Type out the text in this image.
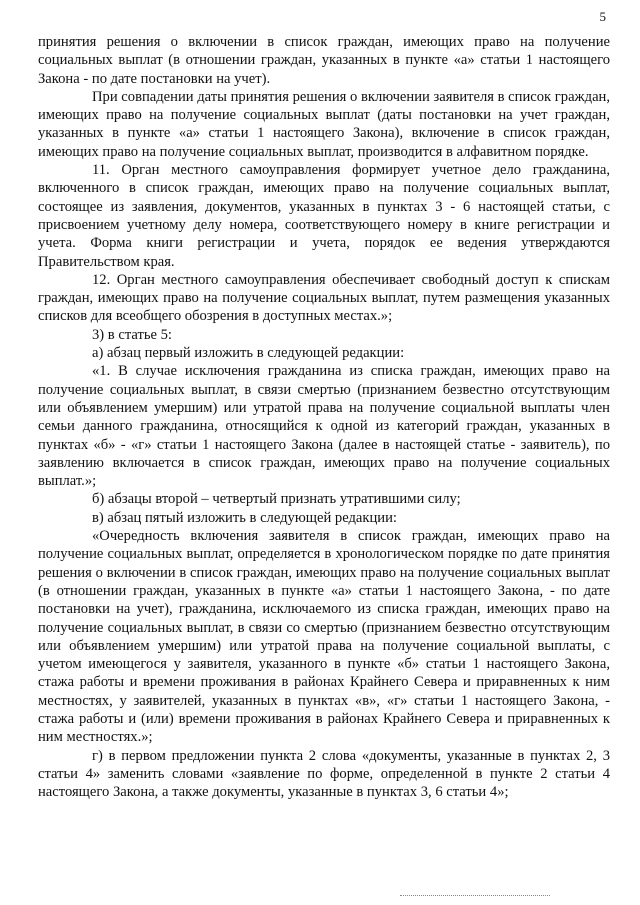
5

принятия решения о включении в список граждан, имеющих право на получение социальных выплат (в отношении граждан, указанных в пункте «а» статьи 1 настоящего Закона - по дате постановки на учет).

При совпадении даты принятия решения о включении заявителя в список граждан, имеющих право на получение социальных выплат (даты постановки на учет граждан, указанных в пункте «а» статьи 1 настоящего Закона), включение в список граждан, имеющих право на получение социальных выплат, производится в алфавитном порядке.

11. Орган местного самоуправления формирует учетное дело гражданина, включенного в список граждан, имеющих право на получение социальных выплат, состоящее из заявления, документов, указанных в пунктах 3 - 6 настоящей статьи, с присвоением учетному делу номера, соответствующего номеру в книге регистрации и учета. Форма книги регистрации и учета, порядок ее ведения утверждаются Правительством края.

12. Орган местного самоуправления обеспечивает свободный доступ к спискам граждан, имеющих право на получение социальных выплат, путем размещения указанных списков для всеобщего обозрения в доступных местах.»;

3) в статье 5:

а) абзац первый изложить в следующей редакции:

«1. В случае исключения гражданина из списка граждан, имеющих право на получение социальных выплат, в связи смертью (признанием безвестно отсутствующим или объявлением умершим) или утратой права на получение социальной выплаты член семьи данного гражданина, относящийся к одной из категорий граждан, указанных в пунктах «б» - «г» статьи 1 настоящего Закона (далее в настоящей статье - заявитель), по заявлению включается в список граждан, имеющих право на получение социальных выплат.»;

б) абзацы второй – четвертый признать утратившими силу;

в) абзац пятый изложить в следующей редакции:

«Очередность включения заявителя в список граждан, имеющих право на получение социальных выплат, определяется в хронологическом порядке по дате принятия решения о включении в список граждан, имеющих право на получение социальных выплат (в отношении граждан, указанных в пункте «а» статьи 1 настоящего Закона, - по дате постановки на учет), гражданина, исключаемого из списка граждан, имеющих право на получение социальных выплат, в связи со смертью (признанием безвестно отсутствующим или объявлением умершим) или утратой права на получение социальной выплаты, с учетом имеющегося у заявителя, указанного в пункте «б» статьи 1 настоящего Закона, стажа работы и времени проживания в районах Крайнего Севера и приравненных к ним местностях, у заявителей, указанных в пунктах «в», «г» статьи 1 настоящего Закона, - стажа работы и (или) времени проживания в районах Крайнего Севера и приравненных к ним местностях.»;

г) в первом предложении пункта 2 слова «документы, указанные в пунктах 2, 3 статьи 4» заменить словами «заявление по форме, определенной в пункте 2 статьи 4 настоящего Закона, а также документы, указанные в пунктах 3, 6 статьи 4»;
